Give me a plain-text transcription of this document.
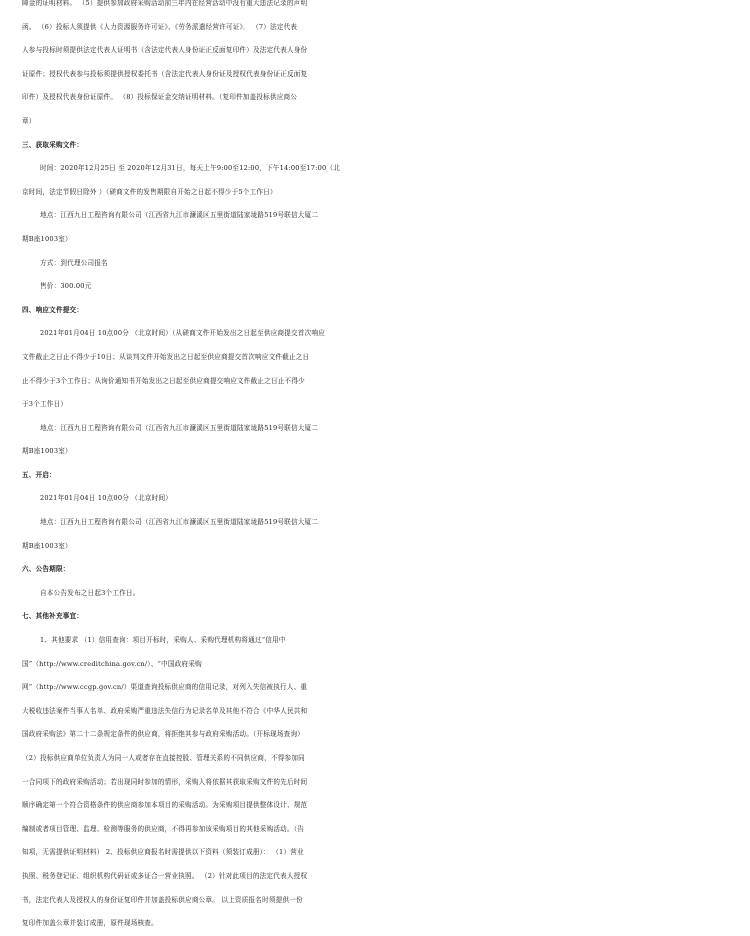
障金的证明材料。 （5）提供参加政府采购活动前三年内在经营活动中没有重大违法记录的声明
函。 （6）投标人须提供《人力资源服务许可证》、《劳务派遣经营许可证》． （7）法定代表
人参与投标时须提供法定代表人证明书（含法定代表人身份证正反面复印件）及法定代表人身份
证原件；授权代表参与投标须提供授权委托书（含法定代表人身份证及授权代表身份证正反面复
印件）及授权代表身份证原件。 （8）投标保证金交纳证明材料。（复印件加盖投标供应商公
章）
三、获取采购文件：
时间：2020年12月25日 至 2020年12月31日，每天上午9:00至12:00，下午14:00至17:00（北
京时间，法定节假日除外 ）（磋商文件的发售期限自开始之日起不得少于5个工作日）
地点：江西九日工程咨询有限公司（江西省九江市濂溪区五里街道陆家垅路519号联信大厦二
期B座1003室）
方式：到代理公司报名
售价：300.00元
四、响应文件提交：
2021年01月04日 10点00分 （北京时间）（从磋商文件开始发出之日起至供应商提交首次响应
文件截止之日止不得少于10日；从谈判文件开始发出之日起至供应商提交首次响应文件截止之日
止不得少于3个工作日；从询价通知书开始发出之日起至供应商提交响应文件截止之日止不得少
于3个工作日）
地点：江西九日工程咨询有限公司（江西省九江市濂溪区五里街道陆家垅路519号联信大厦二
期B座1003室）
五、开启：
2021年01月04日 10点00分 （北京时间）
地点：江西九日工程咨询有限公司（江西省九江市濂溪区五里街道陆家垅路519号联信大厦二
期B座1003室）
六、公告期限：
自本公告发布之日起3个工作日。
七、其他补充事宜：
1、其他要求 （1）信用查询：项目开标时，采购人、采购代理机构将通过“信用中
国”（http://www.creditchina.gov.cn/）、“中国政府采购
网”（http://www.ccgp.gov.cn/）渠道查询投标供应商的信用记录，对列入失信被执行人、重
大税收违法案件当事人名单、政府采购严重违法失信行为记录名单及其他不符合《中华人民共和
国政府采购法》第二十二条规定条件的供应商，将拒绝其参与政府采购活动。（开标现场查询）
（2）投标供应商单位负责人为同一人或者存在直接控股、管理关系的不同供应商，不得参加同
一合同项下的政府采购活动；若出现同时参加的情形，采购人将依据其获取采购文件的先后时间
顺序确定第一个符合资格条件的供应商参加本项目的采购活动。为采购项目提供整体设计、规范
编制或者项目管理、监理、检测等服务的供应商，不得再参加该采购项目的其他采购活动。（告
知项，无需提供证明材料） 2、投标供应商报名时需提供以下资料（须装订成册）： （1）营业
执照、税务登记证、组织机构代码证或多证合一营业执照。 （2）针对此项目的法定代表人授权
书，法定代表人及授权人的身份证复印件并加盖投标供应商公章。 以上资质报名时须提供一份
复印件加盖公章并装订成册，原件现场核查。
